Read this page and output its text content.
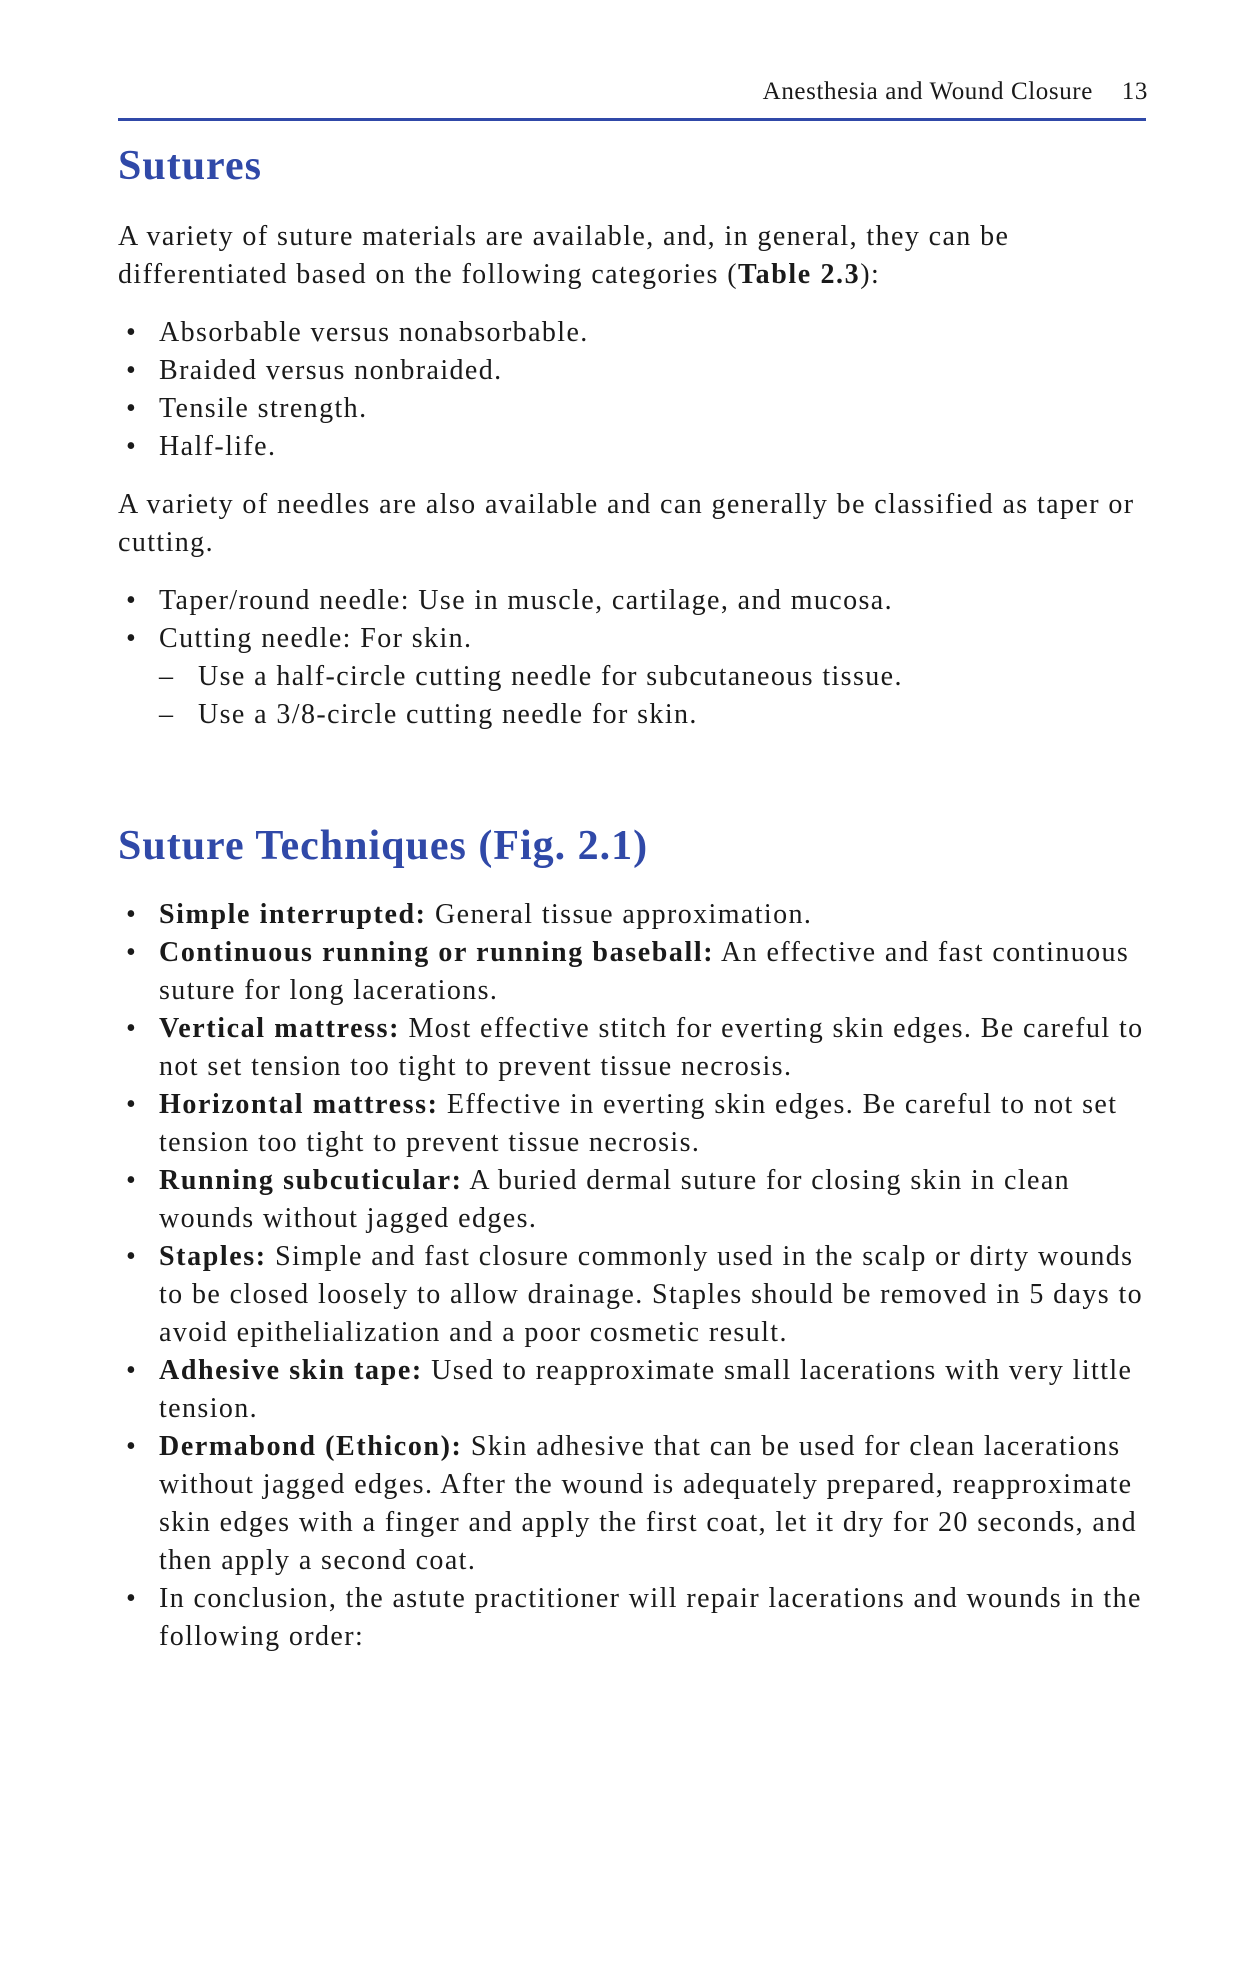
Anesthesia and Wound Closure 13
Sutures

A variety of suture materials are available, and, in general, they can be differentiated based on the following categories (Table 2.3):

• Absorbable versus nonabsorbable.
• Braided versus nonbraided.
• Tensile strength.
• Half-life.

A variety of needles are also available and can generally be classified as taper or cutting.

• Taper/round needle: Use in muscle, cartilage, and mucosa.
• Cutting needle: For skin.
– Use a half-circle cutting needle for subcutaneous tissue.
– Use a 3/8-circle cutting needle for skin.
Suture Techniques (Fig. 2.1)
• Simple interrupted: General tissue approximation.
• Continuous running or running baseball: An effective and fast continuous suture for long lacerations.
• Vertical mattress: Most effective stitch for everting skin edges. Be careful to not set tension too tight to prevent tissue necrosis.
• Horizontal mattress: Effective in everting skin edges. Be careful to not set tension too tight to prevent tissue necrosis.
• Running subcuticular: A buried dermal suture for closing skin in clean wounds without jagged edges.
• Staples: Simple and fast closure commonly used in the scalp or dirty wounds to be closed loosely to allow drainage. Staples should be removed in 5 days to avoid epithelialization and a poor cosmetic result.
• Adhesive skin tape: Used to reapproximate small lacerations with very little tension.
• Dermabond (Ethicon): Skin adhesive that can be used for clean lacerations without jagged edges. After the wound is adequately prepared, reapproximate skin edges with a finger and apply the first coat, let it dry for 20 seconds, and then apply a second coat.
• In conclusion, the astute practitioner will repair lacerations and wounds in the following order:
